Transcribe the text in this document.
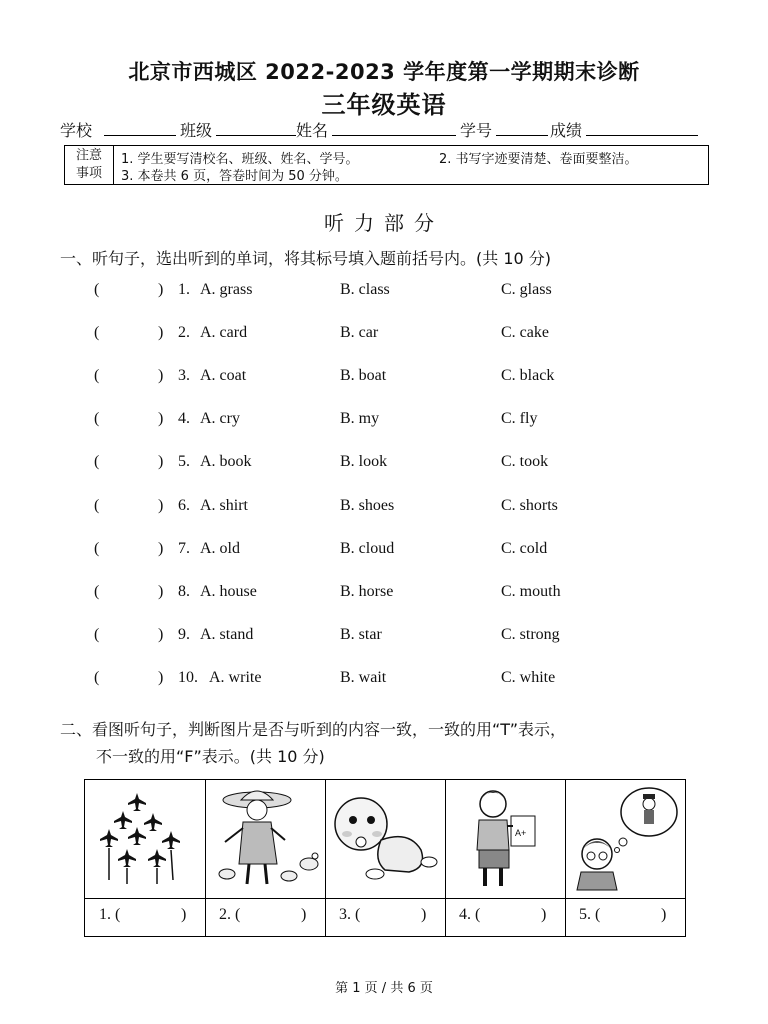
北京市西城区 2022-2023 学年度第一学期期末诊断
三年级英语
学校	班级	姓名	学号	成绩
注意
事项
1. 学生要写清校名、班级、姓名、学号。	2. 书写字迹要清楚、卷面要整洁。
3. 本卷共 6 页，答卷时间为 50 分钟。
听力部分
一、听句子，选出听到的单词，将其标号填入题前括号内。(共 10 分)
(	) 1. A. grass	B. class	C. glass
(	) 2. A. card	B. car	C. cake
(	) 3. A. coat	B. boat	C. black
(	) 4. A. cry	B. my	C. fly
(	) 5. A. book	B. look	C. took
(	) 6. A. shirt	B. shoes	C. shorts
(	) 7. A. old	B. cloud	C. cold
(	) 8. A. house	B. horse	C. mouth
(	) 9. A. stand	B. star	C. strong
(	) 10. A. write	B. wait	C. white
二、看图听句子，判断图片是否与听到的内容一致，一致的用“T”表示，
不一致的用“F”表示。(共 10 分)
1. (	) 2. (	) 3. (	)
A+
4. (	) 5. (	)
第 1 页 / 共 6 页
